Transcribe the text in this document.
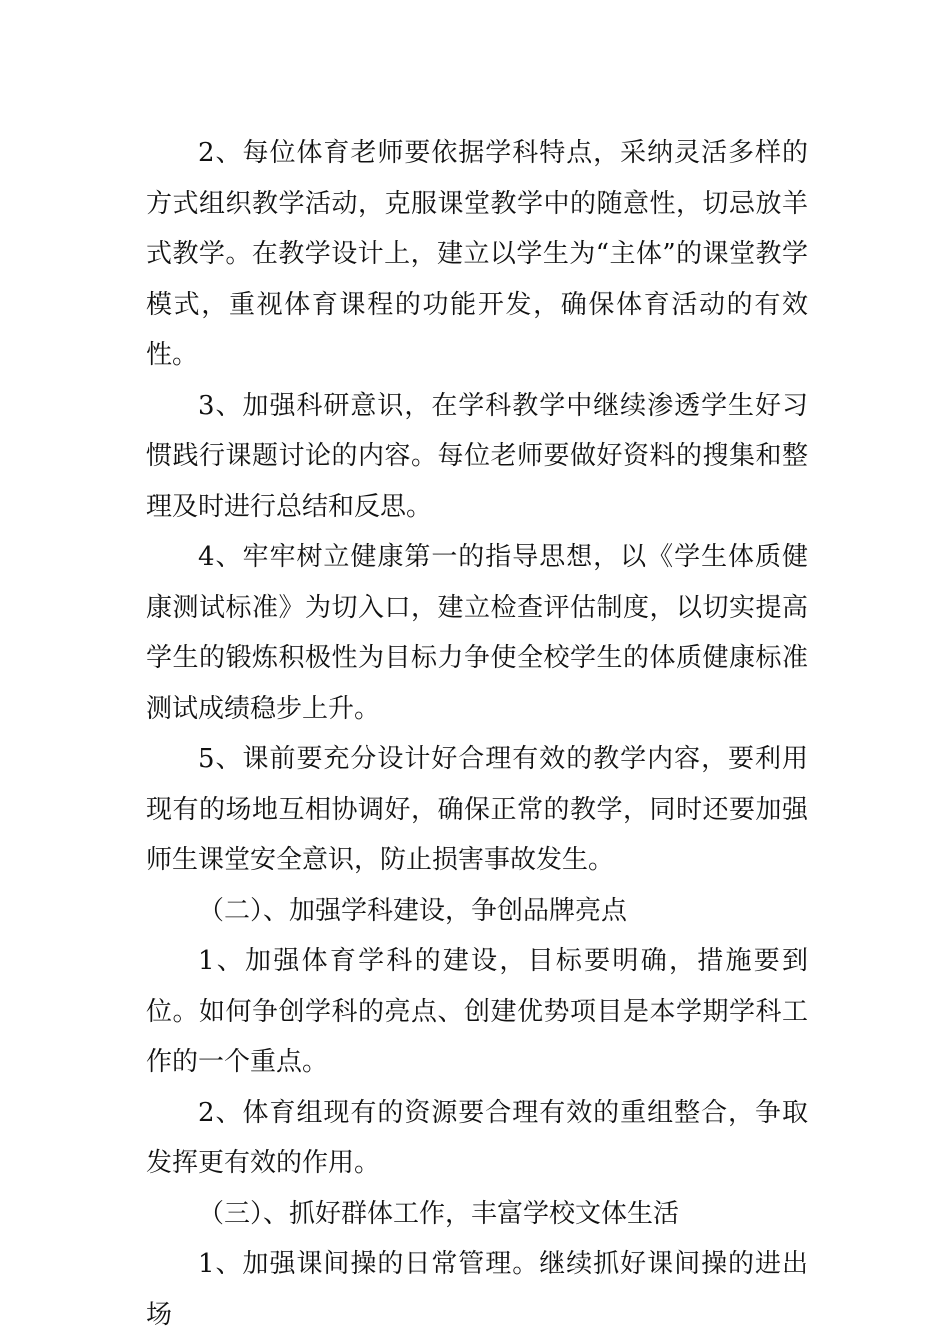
2、每位体育老师要依据学科特点，采纳灵活多样的方式组织教学活动，克服课堂教学中的随意性，切忌放羊式教学。在教学设计上，建立以学生为“主体”的课堂教学模式，重视体育课程的功能开发，确保体育活动的有效性。

3、加强科研意识，在学科教学中继续渗透学生好习惯践行课题讨论的内容。每位老师要做好资料的搜集和整理及时进行总结和反思。

4、牢牢树立健康第一的指导思想，以《学生体质健康测试标准》为切入口，建立检查评估制度，以切实提高学生的锻炼积极性为目标力争使全校学生的体质健康标准测试成绩稳步上升。

5、课前要充分设计好合理有效的教学内容，要利用现有的场地互相协调好，确保正常的教学，同时还要加强师生课堂安全意识，防止损害事故发生。

（二）、加强学科建设，争创品牌亮点

1、加强体育学科的建设，目标要明确，措施要到位。如何争创学科的亮点、创建优势项目是本学期学科工作的一个重点。

2、体育组现有的资源要合理有效的重组整合，争取发挥更有效的作用。

（三）、抓好群体工作，丰富学校文体生活

1、加强课间操的日常管理。继续抓好课间操的进出场
